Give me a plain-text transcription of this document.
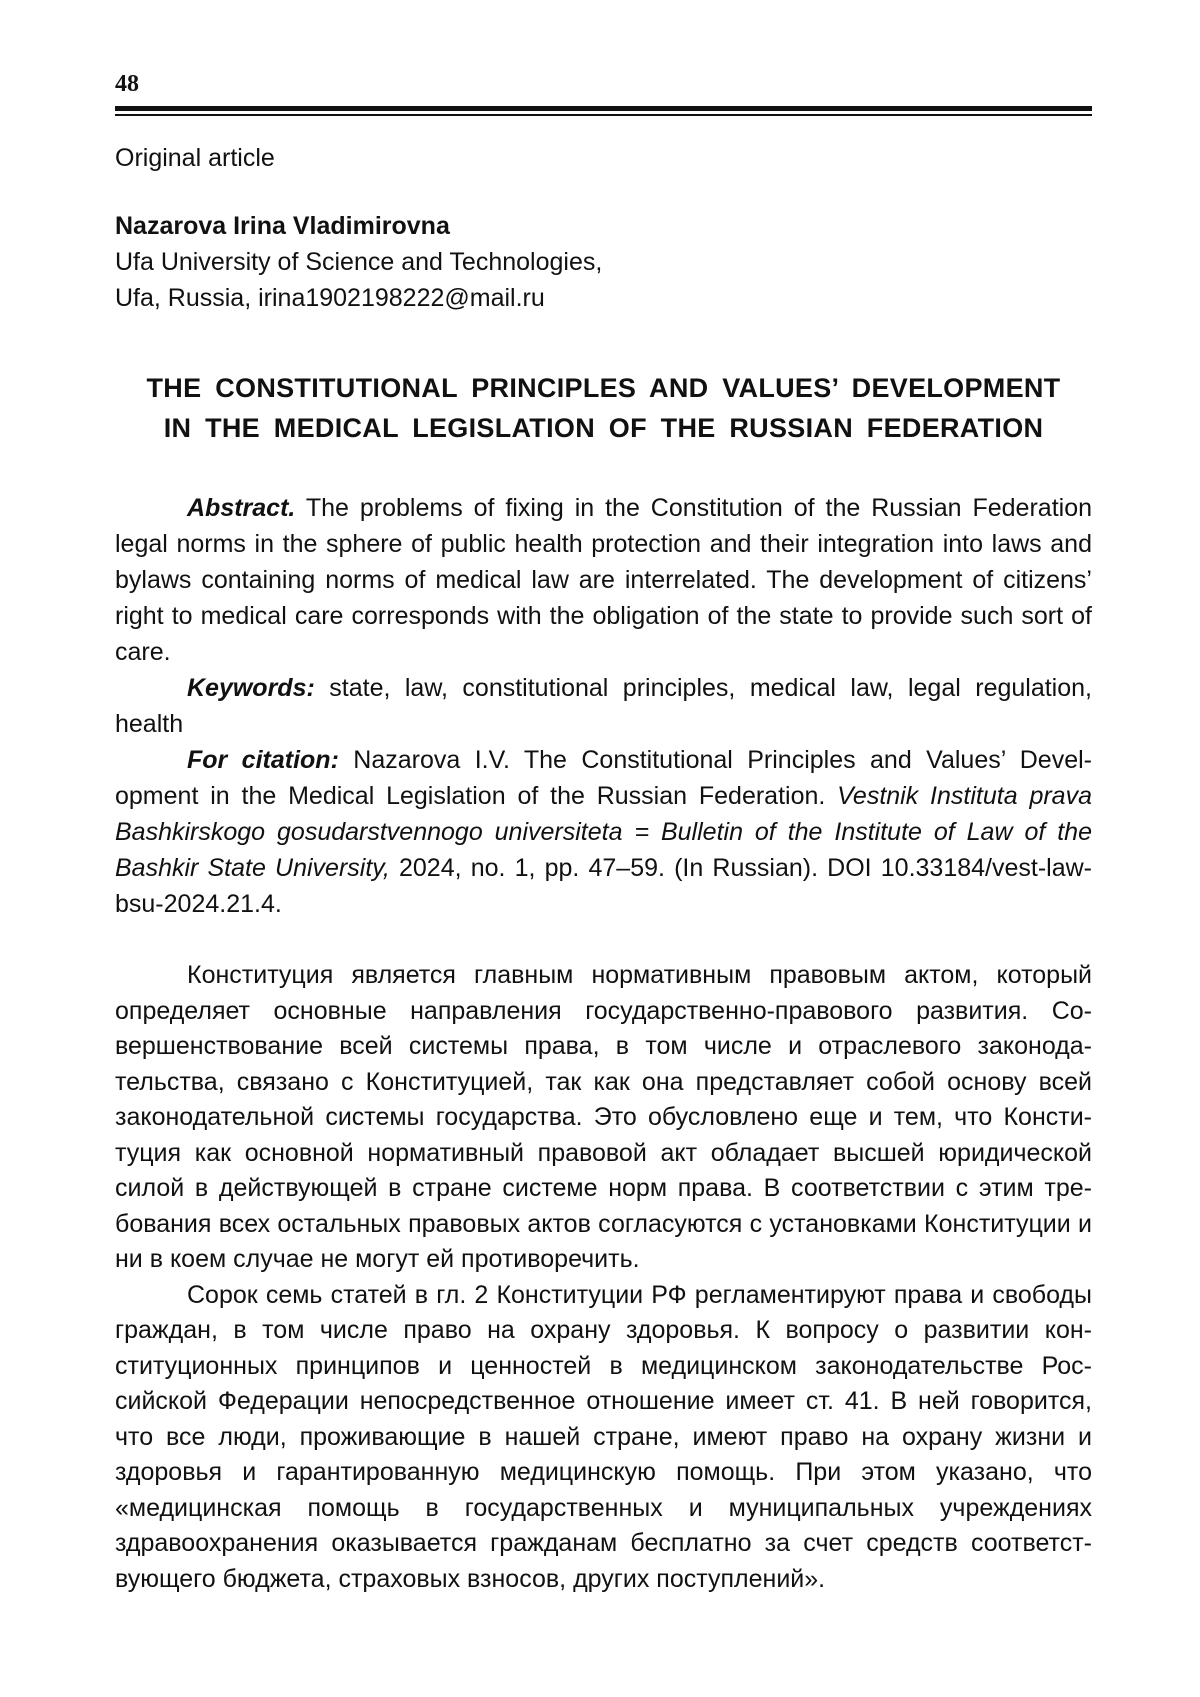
48

Original article

Nazarova Irina Vladimirovna
Ufa University of Science and Technologies,
Ufa, Russia, irina1902198222@mail.ru
THE CONSTITUTIONAL PRINCIPLES AND VALUES’ DEVELOPMENT
IN THE MEDICAL LEGISLATION OF THE RUSSIAN FEDERATION

Abstract. The problems of fixing in the Constitution of the Russian Federation legal norms in the sphere of public health protection and their integration into laws and bylaws containing norms of medical law are interrelated. The development of citizens’ right to medical care corresponds with the obligation of the state to provide such sort of care.

Keywords: state, law, constitutional principles, medical law, legal regulation, health

For citation: Nazarova I.V. The Constitutional Principles and Values’ Development in the Medical Legislation of the Russian Federation. Vestnik Instituta prava Bashkirskogo gosudarstvennogo universiteta = Bulletin of the Institute of Law of the Bashkir State University, 2024, no. 1, pp. 47–59. (In Russian). DOI 10.33184/vest-law-bsu-2024.21.4.

Конституция является главным нормативным правовым актом, который определяет основные направления государственно-правового развития. Совершенствование всей системы права, в том числе и отраслевого законодательства, связано с Конституцией, так как она представляет собой основу всей законодательной системы государства. Это обусловлено еще и тем, что Конституция как основной нормативный правовой акт обладает высшей юридической силой в действующей в стране системе норм права. В соответствии с этим требования всех остальных правовых актов согласуются с установками Конституции и ни в коем случае не могут ей противоречить.

Сорок семь статей в гл. 2 Конституции РФ регламентируют права и свободы граждан, в том числе право на охрану здоровья. К вопросу о развитии конституционных принципов и ценностей в медицинском законодательстве Российской Федерации непосредственное отношение имеет ст. 41. В ней говорится, что все люди, проживающие в нашей стране, имеют право на охрану жизни и здоровья и гарантированную медицинскую помощь. При этом указано, что «медицинская помощь в государственных и муниципальных учреждениях здравоохранения оказывается гражданам бесплатно за счет средств соответствующего бюджета, страховых взносов, других поступлений».
